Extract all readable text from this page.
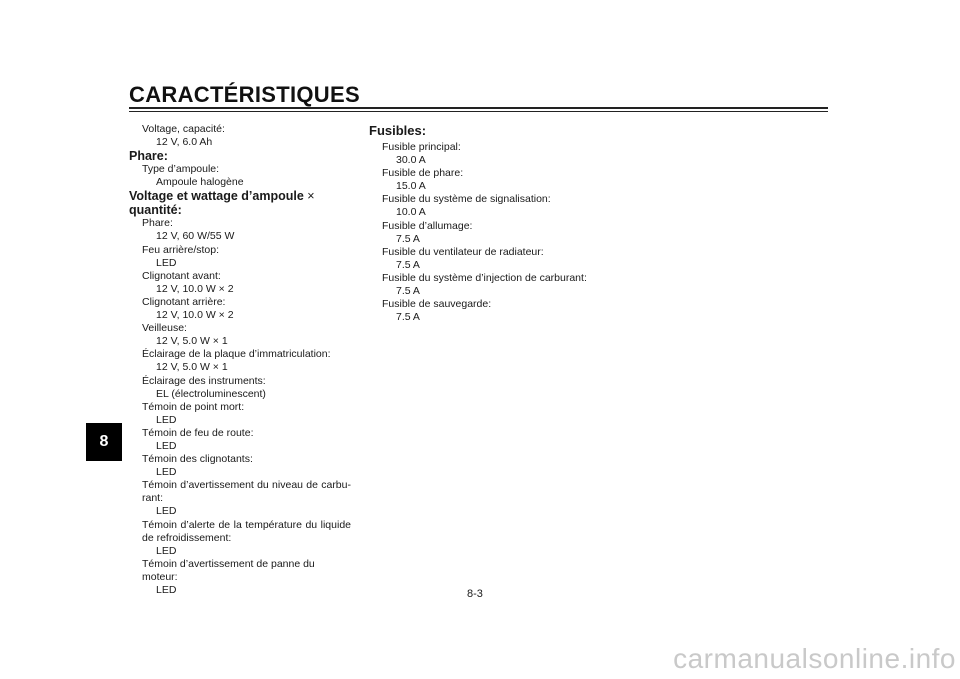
CARACTÉRISTIQUES
8
Voltage, capacité:
12 V, 6.0 Ah
Phare:
Type d’ampoule:
Ampoule halogène
Voltage et wattage d’ampoule × quantité:
Phare:
12 V, 60 W/55 W
Feu arrière/stop:
LED
Clignotant avant:
12 V, 10.0 W × 2
Clignotant arrière:
12 V, 10.0 W × 2
Veilleuse:
12 V, 5.0 W × 1
Éclairage de la plaque d’immatriculation:
12 V, 5.0 W × 1
Éclairage des instruments:
EL (électroluminescent)
Témoin de point mort:
LED
Témoin de feu de route:
LED
Témoin des clignotants:
LED
Témoin d’avertissement du niveau de carbu-rant:
LED
Témoin d’alerte de la température du liquide de refroidissement:
LED
Témoin d’avertissement de panne du moteur:
LED
Fusibles:
Fusible principal:
30.0 A
Fusible de phare:
15.0 A
Fusible du système de signalisation:
10.0 A
Fusible d’allumage:
7.5 A
Fusible du ventilateur de radiateur:
7.5 A
Fusible du système d’injection de carburant:
7.5 A
Fusible de sauvegarde:
7.5 A
8-3
carmanualsonline.info
